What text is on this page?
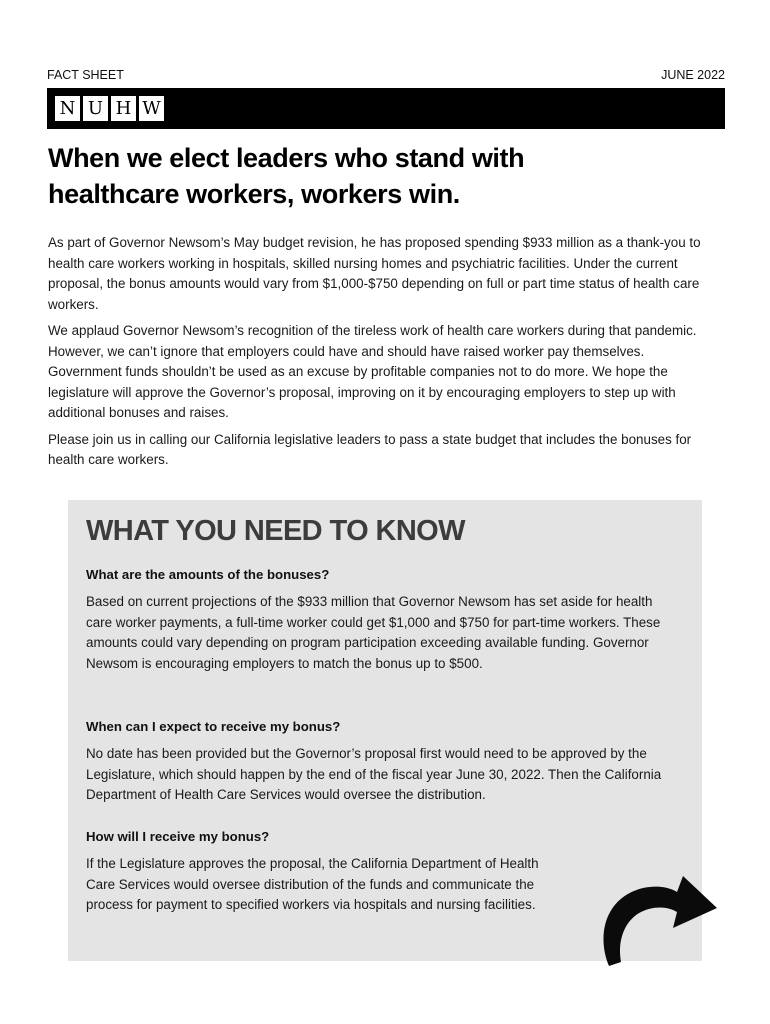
FACT SHEET	JUNE 2022
N U H W
When we elect leaders who stand with healthcare workers, workers win.

As part of Governor Newsom’s May budget revision, he has proposed spending $933 million as a thank-you to health care workers working in hospitals, skilled nursing homes and psychiatric facilities. Under the current proposal, the bonus amounts would vary from $1,000-$750 depending on full or part time status of health care workers.

We applaud Governor Newsom’s recognition of the tireless work of health care workers during that pandemic. However, we can’t ignore that employers could have and should have raised worker pay themselves. Government funds shouldn’t be used as an excuse by profitable companies not to do more. We hope the legislature will approve the Governor’s proposal, improving on it by encouraging employers to step up with additional bonuses and raises.

Please join us in calling our California legislative leaders to pass a state budget that includes the bonuses for health care workers.

WHAT YOU NEED TO KNOW

What are the amounts of the bonuses?

Based on current projections of the $933 million that Governor Newsom has set aside for health care worker payments, a full-time worker could get $1,000 and $750 for part-time workers. These amounts could vary depending on program participation exceeding available funding. Governor Newsom is encouraging employers to match the bonus up to $500.

When can I expect to receive my bonus?

No date has been provided but the Governor’s proposal first would need to be approved by the Legislature, which should happen by the end of the fiscal year June 30, 2022. Then the California Department of Health Care Services would oversee the distribution.

How will I receive my bonus?

If the Legislature approves the proposal, the California Department of Health Care Services would oversee distribution of the funds and communicate the process for payment to specified workers via hospitals and nursing facilities.
